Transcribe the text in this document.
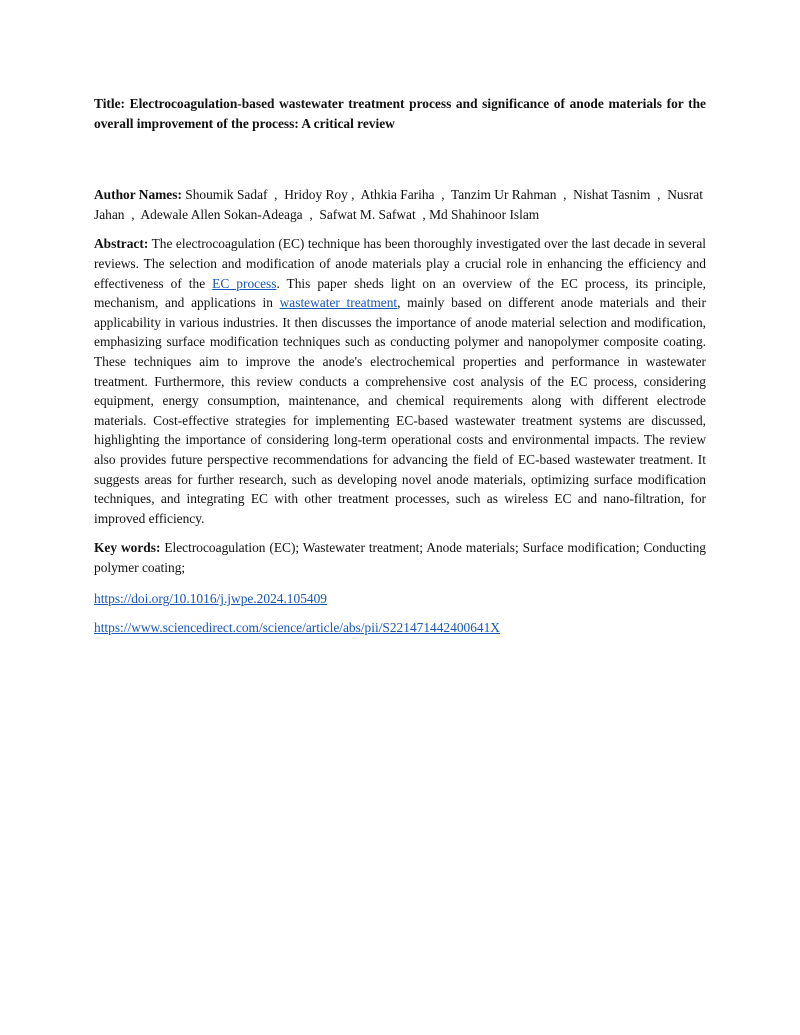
Title: Electrocoagulation-based wastewater treatment process and significance of anode materials for the overall improvement of the process: A critical review

Author Names: Shoumik Sadaf  ,  Hridoy Roy ,  Athkia Fariha  ,  Tanzim Ur Rahman  ,  Nishat Tasnim  ,  Nusrat Jahan  ,  Adewale Allen Sokan-Adeaga  ,  Safwat M. Safwat  , Md Shahinoor Islam

Abstract: The electrocoagulation (EC) technique has been thoroughly investigated over the last decade in several reviews. The selection and modification of anode materials play a crucial role in enhancing the efficiency and effectiveness of the EC process. This paper sheds light on an overview of the EC process, its principle, mechanism, and applications in wastewater treatment, mainly based on different anode materials and their applicability in various industries. It then discusses the importance of anode material selection and modification, emphasizing surface modification techniques such as conducting polymer and nanopolymer composite coating. These techniques aim to improve the anode's electrochemical properties and performance in wastewater treatment. Furthermore, this review conducts a comprehensive cost analysis of the EC process, considering equipment, energy consumption, maintenance, and chemical requirements along with different electrode materials. Cost-effective strategies for implementing EC-based wastewater treatment systems are discussed, highlighting the importance of considering long-term operational costs and environmental impacts. The review also provides future perspective recommendations for advancing the field of EC-based wastewater treatment. It suggests areas for further research, such as developing novel anode materials, optimizing surface modification techniques, and integrating EC with other treatment processes, such as wireless EC and nano-filtration, for improved efficiency.

Key words: Electrocoagulation (EC); Wastewater treatment; Anode materials; Surface modification; Conducting polymer coating;

https://doi.org/10.1016/j.jwpe.2024.105409

https://www.sciencedirect.com/science/article/abs/pii/S221471442400641X
